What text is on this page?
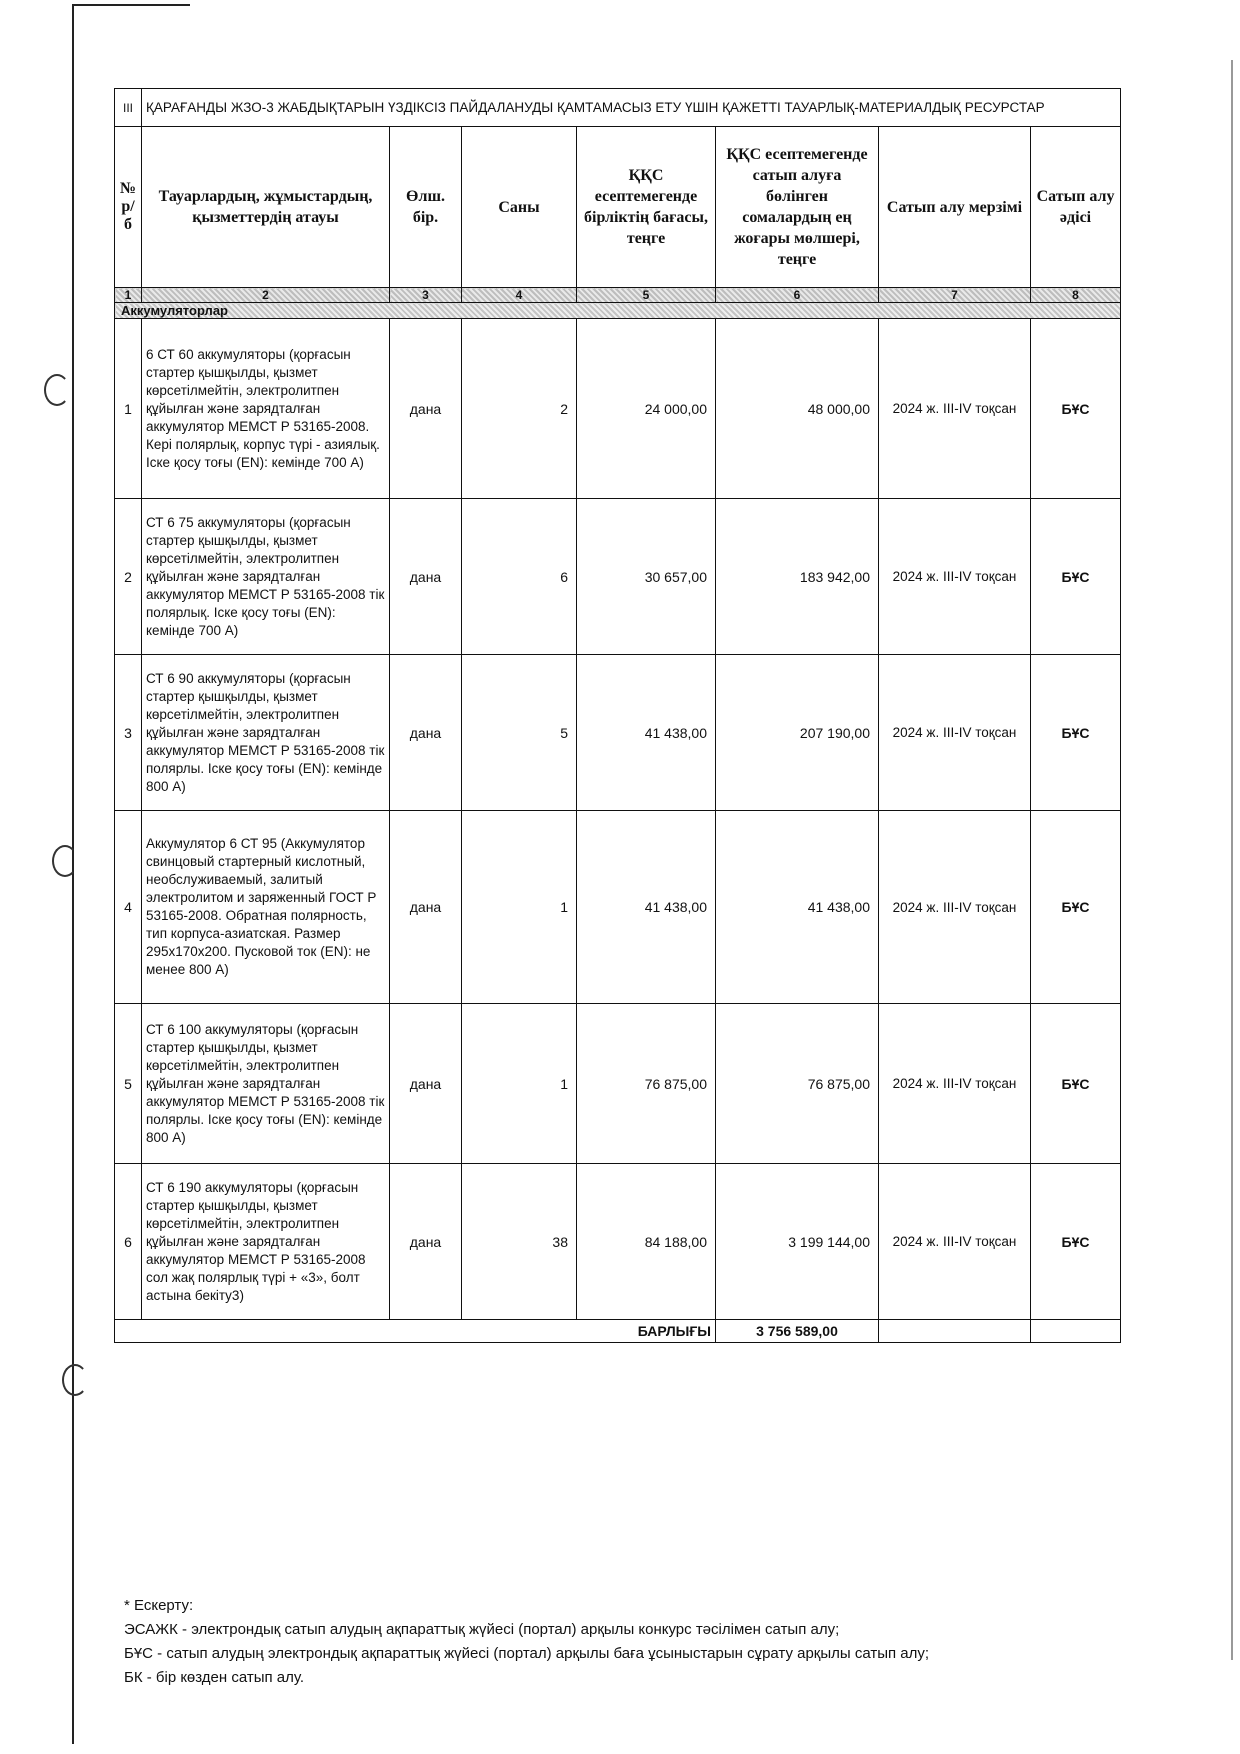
III	ҚАРАҒАНДЫ ЖЗО-3 ЖАБДЫҚТАРЫН ҮЗДІКСІЗ ПАЙДАЛАНУДЫ ҚАМТАМАСЫЗ ЕТУ ҮШІН ҚАЖЕТТІ ТАУАРЛЫҚ-МАТЕРИАЛДЫҚ РЕСУРСТАР						
№ р/б	Тауарлардың, жұмыстардың, қызметтердің атауы	Өлш. бір.	Саны	ҚҚС есептемегенде бірліктің бағасы, теңге	ҚҚС есептемегенде сатып алуға бөлінген сомалардың ең жоғары мөлшері, теңге	Сатып алу мерзімі	Сатып алу әдісі
1	2	3	4	5	6	7	8
Аккумуляторлар							
1	6 СТ 60 аккумуляторы (қорғасын стартер қышқылды, қызмет көрсетілмейтін, электролитпен құйылған және зарядталған аккумулятор МЕМСТ Р 53165-2008. Кері полярлық, корпус түрі - азиялық. Іске қосу тоғы (EN): кемінде 700 А)	дана	2	24 000,00	48 000,00	2024 ж. III-IV тоқсан	БҰС
2	СТ 6 75 аккумуляторы (қорғасын стартер қышқылды, қызмет көрсетілмейтін, электролитпен құйылған және зарядталған аккумулятор МЕМСТ Р 53165-2008 тік полярлық. Іске қосу тоғы (EN): кемінде 700 А)	дана	6	30 657,00	183 942,00	2024 ж. III-IV тоқсан	БҰС
3	СТ 6 90 аккумуляторы (қорғасын стартер қышқылды, қызмет көрсетілмейтін, электролитпен құйылған және зарядталған аккумулятор МЕМСТ Р 53165-2008 тік полярлы. Іске қосу тоғы (EN): кемінде 800 А)	дана	5	41 438,00	207 190,00	2024 ж. III-IV тоқсан	БҰС
4	Аккумулятор 6 СТ 95 (Аккумулятор свинцовый стартерный кислотный, необслуживаемый, залитый электролитом и заряженный ГОСТ Р 53165-2008. Обратная полярность, тип корпуса-азиатская. Размер 295x170x200. Пусковой ток (EN): не менее 800 А)	дана	1	41 438,00	41 438,00	2024 ж. III-IV тоқсан	БҰС
5	СТ 6 100 аккумуляторы (қорғасын стартер қышқылды, қызмет көрсетілмейтін, электролитпен құйылған және зарядталған аккумулятор МЕМСТ Р 53165-2008 тік полярлы. Іске қосу тоғы (EN): кемінде 800 А)	дана	1	76 875,00	76 875,00	2024 ж. III-IV тоқсан	БҰС
6	СТ 6 190 аккумуляторы (қорғасын стартер қышқылды, қызмет көрсетілмейтін, электролитпен құйылған және зарядталған аккумулятор МЕМСТ Р 53165-2008 сол жақ полярлық түрі + «3», болт астына бекіту3)	дана	38	84 188,00	3 199 144,00	2024 ж. III-IV тоқсан	БҰС
БАРЛЫҒЫ					3 756 589,00		

* Ескерту:

ЭСАЖК - электрондық сатып алудың ақпараттық жүйесі (портал) арқылы конкурс тәсілімен сатып алу;

БҰС - сатып алудың электрондық ақпараттық жүйесі (портал) арқылы баға ұсыныстарын сұрату арқылы сатып алу;

БК - бір көзден сатып алу.
